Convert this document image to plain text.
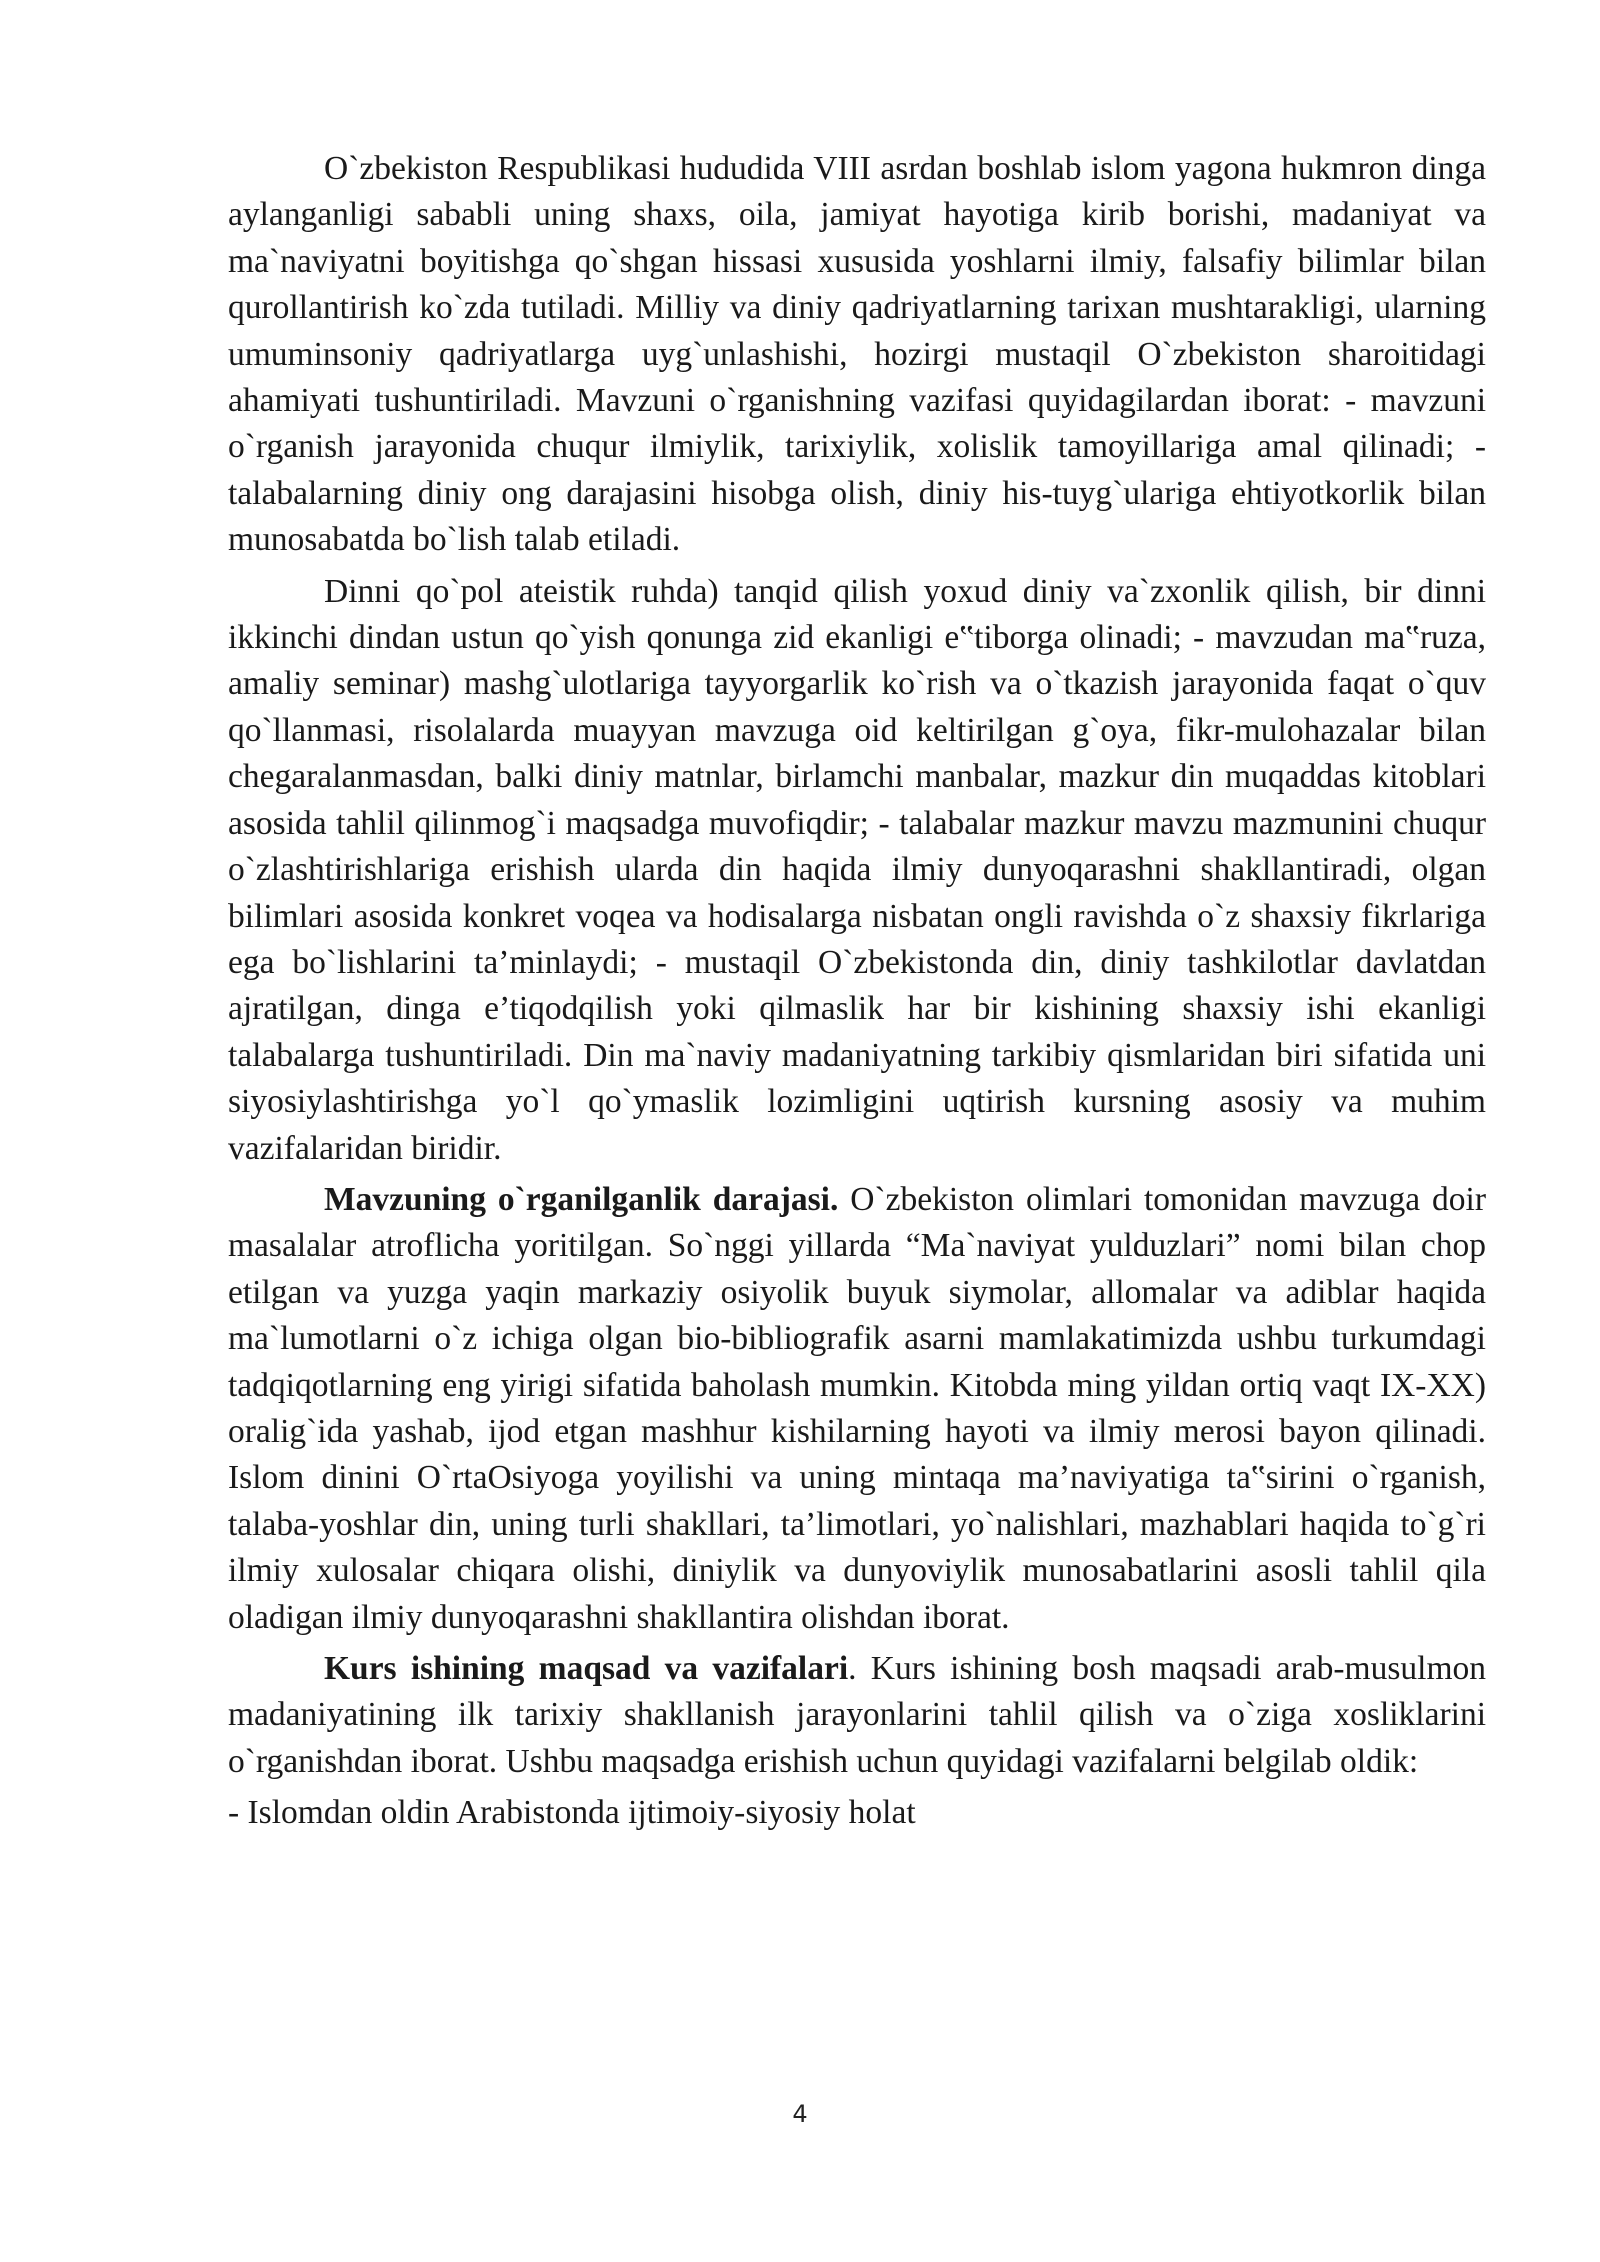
O`zbekiston Respublikasi hududida VIII asrdan boshlab islom yagona hukmron dinga aylanganligi sababli uning shaxs, oila, jamiyat hayotiga kirib borishi, madaniyat va ma`naviyatni boyitishga qo`shgan hissasi xususida yoshlarni ilmiy, falsafiy bilimlar bilan qurollantirish ko`zda tutiladi. Milliy va diniy qadriyatlarning tarixan mushtarakligi, ularning umuminsoniy qadriyatlarga uyg`unlashishi, hozirgi mustaqil O`zbekiston sharoitidagi ahamiyati tushuntiriladi. Mavzuni o`rganishning vazifasi quyidagilardan iborat: - mavzuni o`rganish jarayonida chuqur ilmiylik, tarixiylik, xolislik tamoyillariga amal qilinadi; - talabalarning diniy ong darajasini hisobga olish, diniy his-tuyg`ulariga ehtiyotkorlik bilan munosabatda bo`lish talab etiladi.

Dinni qo`pol ateistik ruhda) tanqid qilish yoxud diniy va`zxonlik qilish, bir dinni ikkinchi dindan ustun qo`yish qonunga zid ekanligi e‟tiborga olinadi; - mavzudan ma‟ruza, amaliy seminar) mashg`ulotlariga tayyorgarlik ko`rish va o`tkazish jarayonida faqat o`quv qo`llanmasi, risolalarda muayyan mavzuga oid keltirilgan g`oya, fikr-mulohazalar bilan chegaralanmasdan, balki diniy matnlar, birlamchi manbalar, mazkur din muqaddas kitoblari asosida tahlil qilinmog`i maqsadga muvofiqdir; - talabalar mazkur mavzu mazmunini chuqur o`zlashtirishlariga erishish ularda din haqida ilmiy dunyoqarashni shakllantiradi, olgan bilimlari asosida konkret voqea va hodisalarga nisbatan ongli ravishda o`z shaxsiy fikrlariga ega bo`lishlarini ta’minlaydi; - mustaqil O`zbekistonda din, diniy tashkilotlar davlatdan ajratilgan, dinga e’tiqodqilish yoki qilmaslik har bir kishining shaxsiy ishi ekanligi talabalarga tushuntiriladi. Din ma`naviy madaniyatning tarkibiy qismlaridan biri sifatida uni siyosiylashtirishga yo`l qo`ymaslik lozimligini uqtirish kursning asosiy va muhim vazifalaridan biridir.

Mavzuning o`rganilganlik darajasi. O`zbekiston olimlari tomonidan mavzuga doir masalalar atroflicha yoritilgan. So`nggi yillarda “Ma`naviyat yulduzlari” nomi bilan chop etilgan va yuzga yaqin markaziy osiyolik buyuk siymolar, allomalar va adiblar haqida ma`lumotlarni o`z ichiga olgan bio-bibliografik asarni mamlakatimizda ushbu turkumdagi tadqiqotlarning eng yirigi sifatida baholash mumkin. Kitobda ming yildan ortiq vaqt IX-XX) oralig`ida yashab, ijod etgan mashhur kishilarning hayoti va ilmiy merosi bayon qilinadi. Islom dinini O`rtaOsiyoga yoyilishi va uning mintaqa ma’naviyatiga ta‟sirini o`rganish, talaba-yoshlar din, uning turli shakllari, ta’limotlari, yo`nalishlari, mazhablari haqida to`g`ri ilmiy xulosalar chiqara olishi, diniylik va dunyoviylik munosabatlarini asosli tahlil qila oladigan ilmiy dunyoqarashni shakllantira olishdan iborat.

Kurs ishining maqsad va vazifalari. Kurs ishining bosh maqsadi arab-musulmon madaniyatining ilk tarixiy shakllanish jarayonlarini tahlil qilish va o`ziga xosliklarini o`rganishdan iborat. Ushbu maqsadga erishish uchun quyidagi vazifalarni belgilab oldik:

- Islomdan oldin Arabistonda ijtimoiy-siyosiy holat

4
